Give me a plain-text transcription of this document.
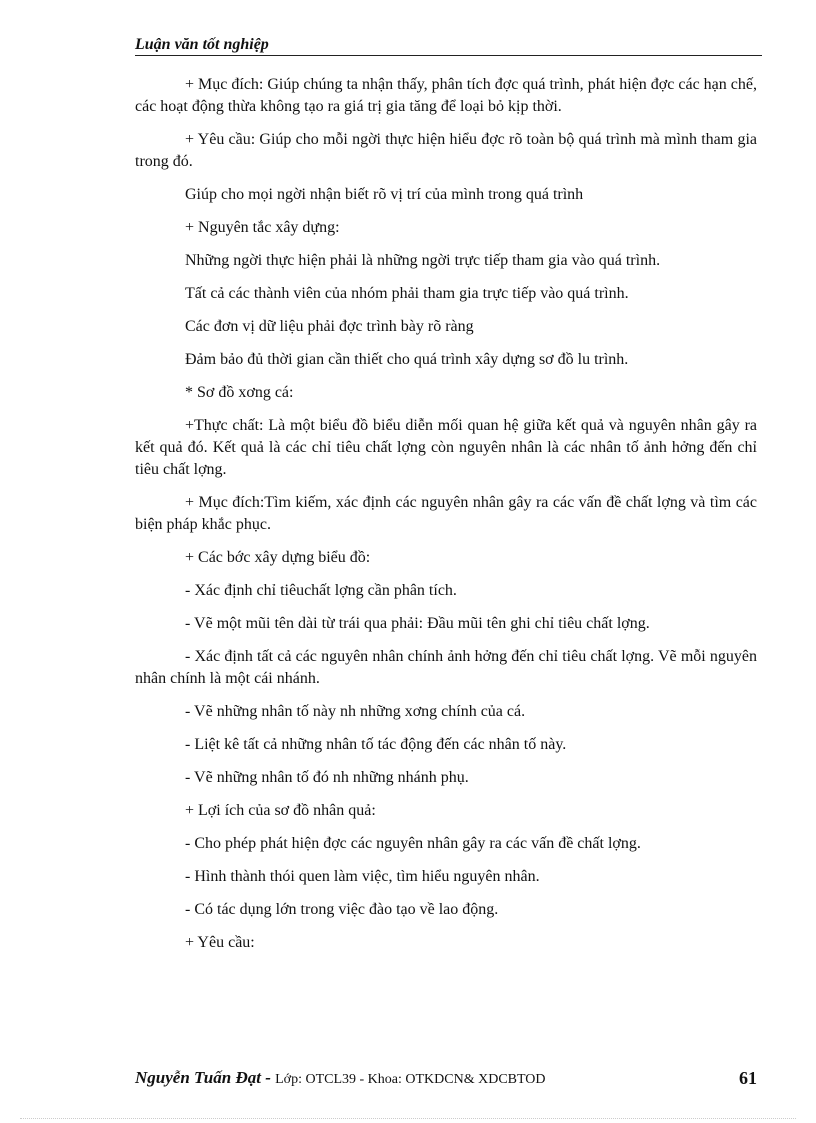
Luận văn tốt nghiệp

+ Mục đích: Giúp chúng ta nhận thấy, phân tích đợc quá trình, phát hiện đợc các hạn chế, các hoạt động thừa không tạo ra giá trị gia tăng để loại bỏ kịp thời.

+ Yêu cầu: Giúp cho mỗi ngời thực hiện hiểu đợc rõ toàn bộ quá trình mà mình tham gia trong đó.

Giúp cho mọi ngời nhận biết rõ vị trí của mình trong quá trình

+ Nguyên tắc xây dựng:

Những ngời thực hiện phải là những ngời trực tiếp tham gia vào quá trình.

Tất cả các thành viên của nhóm phải tham gia trực tiếp vào quá trình.

Các đơn vị dữ liệu phải đợc trình bày rõ ràng

Đảm bảo đủ thời gian cần thiết cho quá trình xây dựng sơ đồ lu trình.

* Sơ đồ xơng cá:

+Thực chất: Là một biểu đồ biểu diễn mối quan hệ giữa kết quả và nguyên nhân gây ra kết quả đó. Kết quả là các chỉ tiêu chất lợng còn nguyên nhân là các nhân tố ảnh hởng đến chỉ tiêu chất lợng.

+ Mục đích:Tìm kiếm, xác định các nguyên nhân gây ra các vấn đề chất lợng và tìm các biện pháp khắc phục.

+ Các bớc xây dựng biểu đồ:

- Xác định chỉ tiêuchất lợng cần phân tích.

- Vẽ một mũi tên dài từ trái qua phải: Đầu mũi tên ghi chỉ tiêu chất lợng.

- Xác định tất cả các nguyên nhân chính ảnh hởng đến chỉ tiêu chất lợng. Vẽ mỗi nguyên nhân chính là một cái nhánh.

- Vẽ những nhân tố này nh những xơng chính của cá.

- Liệt kê tất cả những nhân tố tác động đến các nhân tố này.

- Vẽ những nhân tố đó nh những nhánh phụ.

+ Lợi ích của sơ đồ nhân quả:

- Cho phép phát hiện đợc các nguyên nhân gây ra các vấn đề chất lợng.

- Hình thành thói quen làm việc, tìm hiểu nguyên nhân.

- Có tác dụng lớn trong việc đào tạo về lao động.

+ Yêu cầu:

Nguyễn Tuấn Đạt - Lớp: OTCL39 - Khoa: OTKDCN& XDCBTOD	61
